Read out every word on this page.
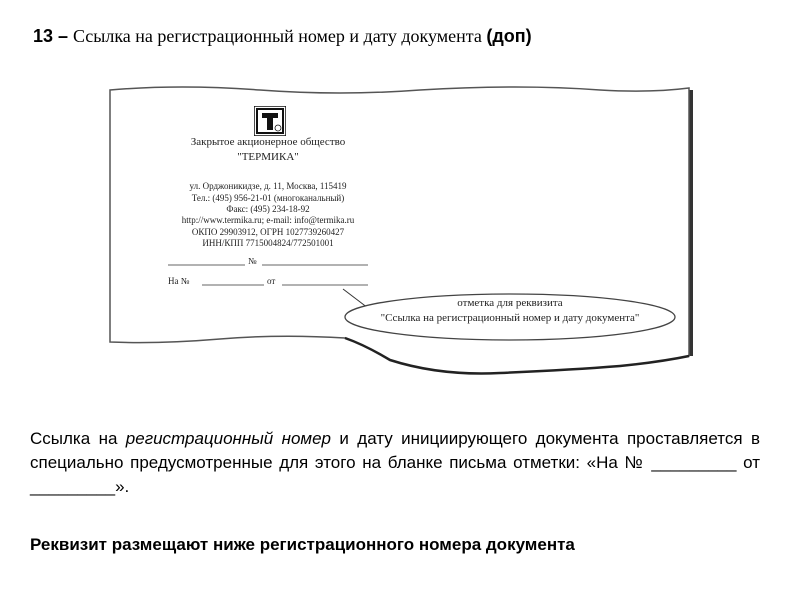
13 – Ссылка на регистрационный номер и дату документа (доп)
Закрытое акционерное общество
"ТЕРМИКА"
ул. Орджоникидзе, д. 11, Москва, 115419
Тел.: (495) 956-21-01 (многоканальный)
Факс: (495) 234-18-92
http://www.termika.ru; e-mail: info@termika.ru
ОКПО 29903912, ОГРН 1027739260427
ИНН/КПП 7715004824/772501001
№
На №	от
отметка для реквизита
"Ссылка на регистрационный номер и дату документа"
Ссылка на регистрационный номер и дату инициирующего документа проставляется в специально предусмотренные для этого на бланке письма отметки: «На № _________ от _________».
Реквизит размещают ниже регистрационного номера документа
